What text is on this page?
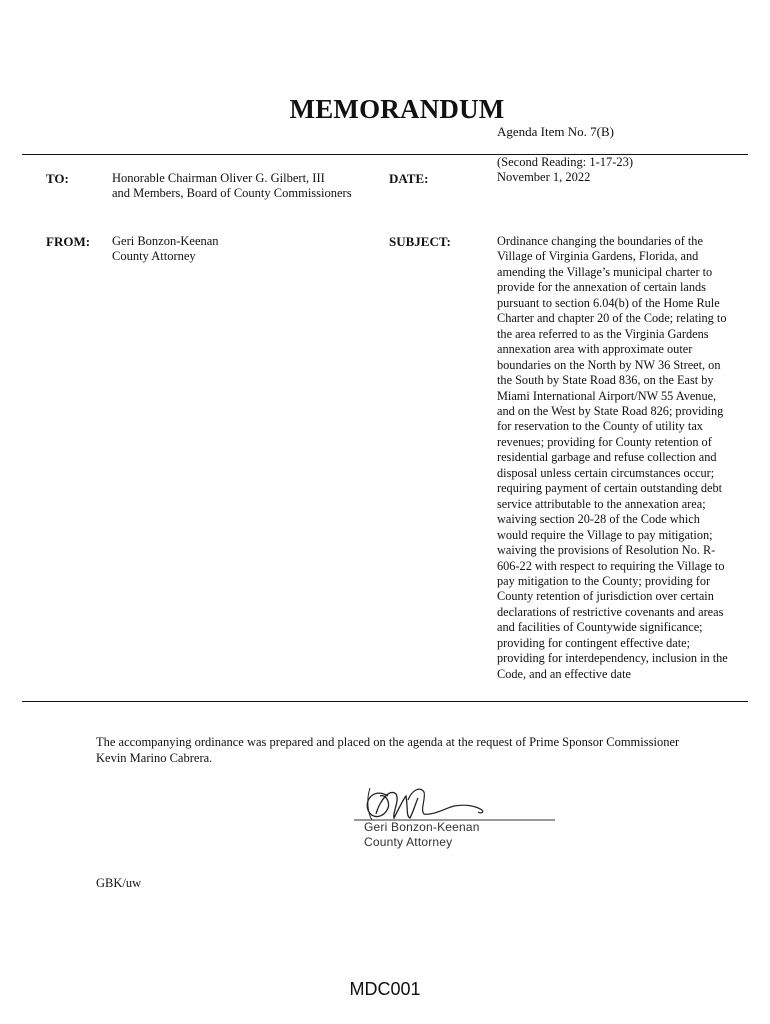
MEMORANDUM
Agenda Item No. 7(B)
TO:	Honorable Chairman Oliver G. Gilbert, III
and Members, Board of County Commissioners
DATE:
(Second Reading: 1-17-23)
November 1, 2022
FROM: Geri Bonzon-Keenan
County Attorney
SUBJECT:	Ordinance changing the boundaries of the
Village of Virginia Gardens, Florida, and
amending the Village’s municipal charter to
provide for the annexation of certain lands
pursuant to section 6.04(b) of the Home Rule
Charter and chapter 20 of the Code; relating to
the area referred to as the Virginia Gardens
annexation area with approximate outer
boundaries on the North by NW 36 Street, on
the South by State Road 836, on the East by
Miami International Airport/NW 55 Avenue,
and on the West by State Road 826; providing
for reservation to the County of utility tax
revenues; providing for County retention of
residential garbage and refuse collection and
disposal unless certain circumstances occur;
requiring payment of certain outstanding debt
service attributable to the annexation area;
waiving section 20-28 of the Code which
would require the Village to pay mitigation;
waiving the provisions of Resolution No. R-
606-22 with respect to requiring the Village to
pay mitigation to the County; providing for
County retention of jurisdiction over certain
declarations of restrictive covenants and areas
and facilities of Countywide significance;
providing for contingent effective date;
providing for interdependency, inclusion in the
Code, and an effective date
The accompanying ordinance was prepared and placed on the agenda at the request of Prime Sponsor Commissioner
Kevin Marino Cabrera.
Geri Bonzon-Keenan
County Attorney
GBK/uw
MDC001
